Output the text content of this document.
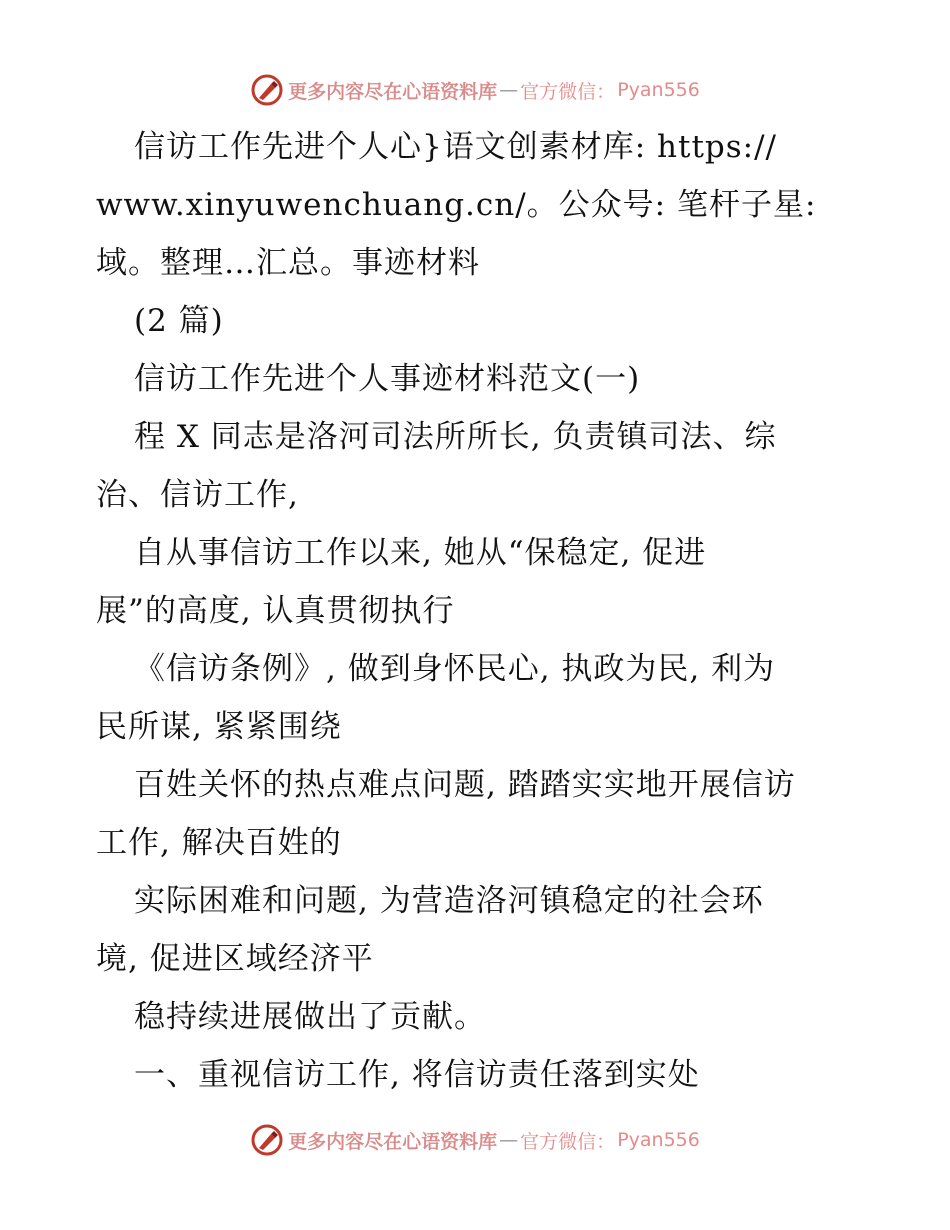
更多内容尽在心语资料库 — 官方微信： Pyan556
信访工作先进个人心}语文创素材库: https://
www.xinyuwenchuang.cn/。公众号: 笔杆子星:
域。整理…汇总。事迹材料
(2 篇)
信访工作先进个人事迹材料范文(一)
程 X 同志是洛河司法所所长, 负责镇司法、综
治、信访工作,
自从事信访工作以来, 她从“保稳定, 促进
展”的高度, 认真贯彻执行
《信访条例》, 做到身怀民心, 执政为民, 利为
民所谋, 紧紧围绕
百姓关怀的热点难点问题, 踏踏实实地开展信访
工作, 解决百姓的
实际困难和问题, 为营造洛河镇稳定的社会环
境, 促进区域经济平
稳持续进展做出了贡献。
一、重视信访工作, 将信访责任落到实处
更多内容尽在心语资料库 — 官方微信： Pyan556
